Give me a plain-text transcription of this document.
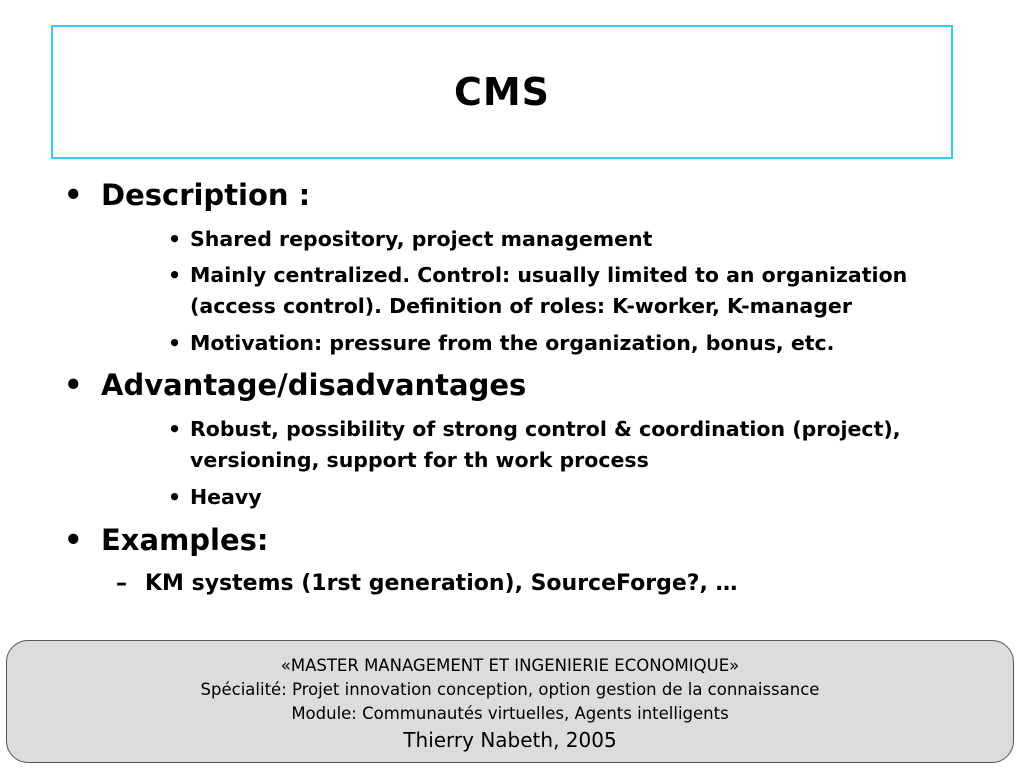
CMS
• Description :
• Shared repository, project management
• Mainly centralized. Control: usually limited to an organization
(access control). Definition of roles: K-worker, K-manager
• Motivation: pressure from the organization, bonus, etc.
• Advantage/disadvantages
• Robust, possibility of strong control & coordination (project),
versioning, support for th work process
• Heavy
• Examples:
– KM systems (1rst generation), SourceForge?, …
«MASTER MANAGEMENT ET INGENIERIE ECONOMIQUE»
Spécialité: Projet innovation conception, option gestion de la connaissance
Module: Communautés virtuelles, Agents intelligents
Thierry Nabeth, 2005
